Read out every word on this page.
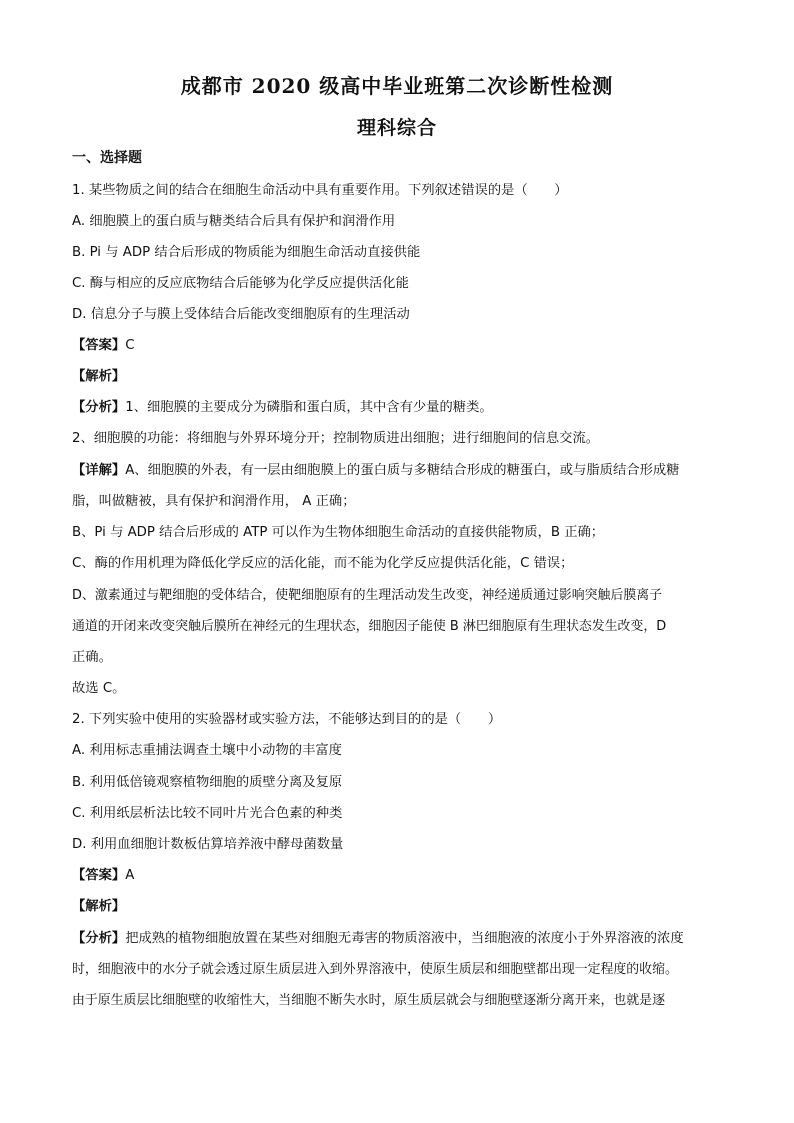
成都市 2020 级高中毕业班第二次诊断性检测
理科综合
一、选择题
1. 某些物质之间的结合在细胞生命活动中具有重要作用。下列叙述错误的是（　　）
A. 细胞膜上的蛋白质与糖类结合后具有保护和润滑作用
B. Pi 与 ADP 结合后形成的物质能为细胞生命活动直接供能
C. 酶与相应的反应底物结合后能够为化学反应提供活化能
D. 信息分子与膜上受体结合后能改变细胞原有的生理活动
【答案】C
【解析】
【分析】1、细胞膜的主要成分为磷脂和蛋白质，其中含有少量的糖类。
2、细胞膜的功能：将细胞与外界环境分开；控制物质进出细胞；进行细胞间的信息交流。
【详解】A、细胞膜的外表，有一层由细胞膜上的蛋白质与多糖结合形成的糖蛋白，或与脂质结合形成糖
脂，叫做糖被，具有保护和润滑作用， A 正确；
B、Pi 与 ADP 结合后形成的 ATP 可以作为生物体细胞生命活动的直接供能物质，B 正确；
C、酶的作用机理为降低化学反应的活化能，而不能为化学反应提供活化能，C 错误；
D、激素通过与靶细胞的受体结合，使靶细胞原有的生理活动发生改变，神经递质通过影响突触后膜离子
通道的开闭来改变突触后膜所在神经元的生理状态，细胞因子能使 B 淋巴细胞原有生理状态发生改变，D
正确。
故选 C。
2. 下列实验中使用的实验器材或实验方法，不能够达到目的的是（　　）
A. 利用标志重捕法调查土壤中小动物的丰富度
B. 利用低倍镜观察植物细胞的质壁分离及复原
C. 利用纸层析法比较不同叶片光合色素的种类
D. 利用血细胞计数板估算培养液中酵母菌数量
【答案】A
【解析】
【分析】把成熟的植物细胞放置在某些对细胞无毒害的物质溶液中，当细胞液的浓度小于外界溶液的浓度
时，细胞液中的水分子就会透过原生质层进入到外界溶液中，使原生质层和细胞壁都出现一定程度的收缩。
由于原生质层比细胞壁的收缩性大，当细胞不断失水时，原生质层就会与细胞壁逐渐分离开来，也就是逐
